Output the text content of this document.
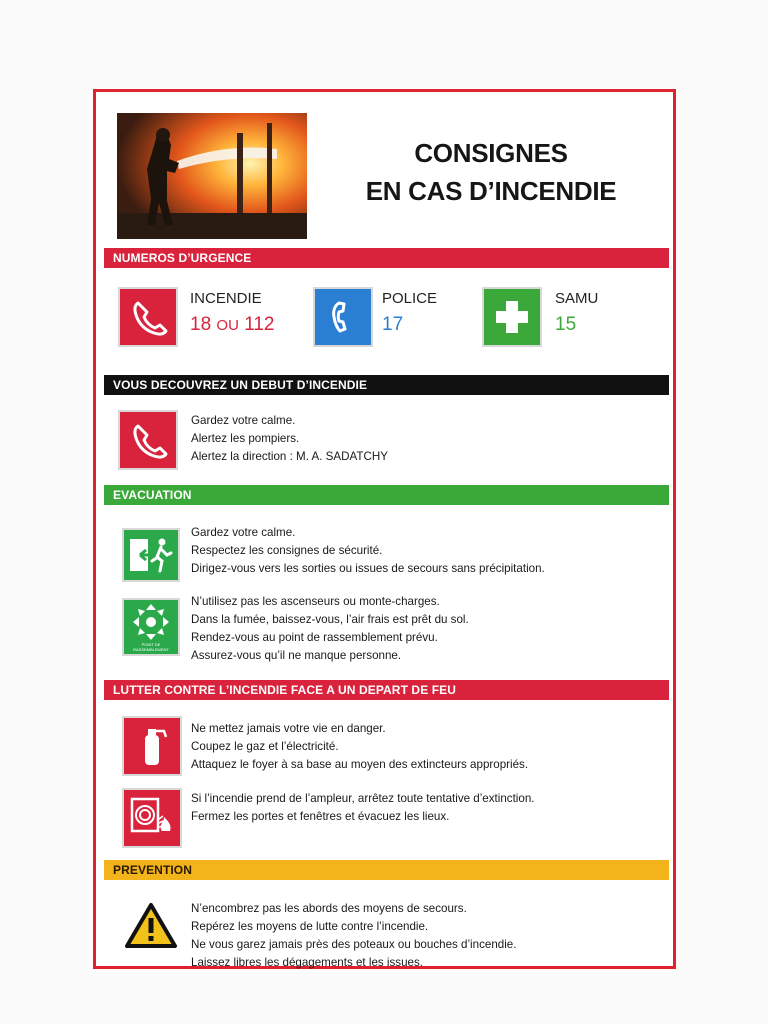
CONSIGNES
EN CAS D’INCENDIE
NUMEROS D’URGENCE
INCENDIE
18 OU 112
POLICE
17
SAMU
15
VOUS DECOUVREZ UN DEBUT D’INCENDIE
Gardez votre calme.
Alertez les pompiers.
Alertez la direction : M. A. SADATCHY
EVACUATION
Gardez votre calme.
Respectez les consignes de sécurité.
Dirigez-vous vers les sorties ou issues de secours sans précipitation.
POINT DE RASSEMBLEMENT
N’utilisez pas les ascenseurs ou monte-charges.
Dans la fumée, baissez-vous, l’air frais est prêt du sol.
Rendez-vous au point de rassemblement prévu.
Assurez-vous qu’il ne manque personne.
LUTTER CONTRE L’INCENDIE FACE A UN DEPART DE FEU
Ne mettez jamais votre vie en danger.
Coupez le gaz et l’électricité.
Attaquez le foyer à sa base au moyen des extincteurs appropriés.
Si l’incendie prend de l’ampleur, arrêtez toute tentative d’extinction.
Fermez les portes et fenêtres et évacuez les lieux.
PREVENTION
N’encombrez pas les abords des moyens de secours.
Repérez les moyens de lutte contre l’incendie.
Ne vous garez jamais près des poteaux ou bouches d’incendie.
Laissez libres les dégagements et les issues.
